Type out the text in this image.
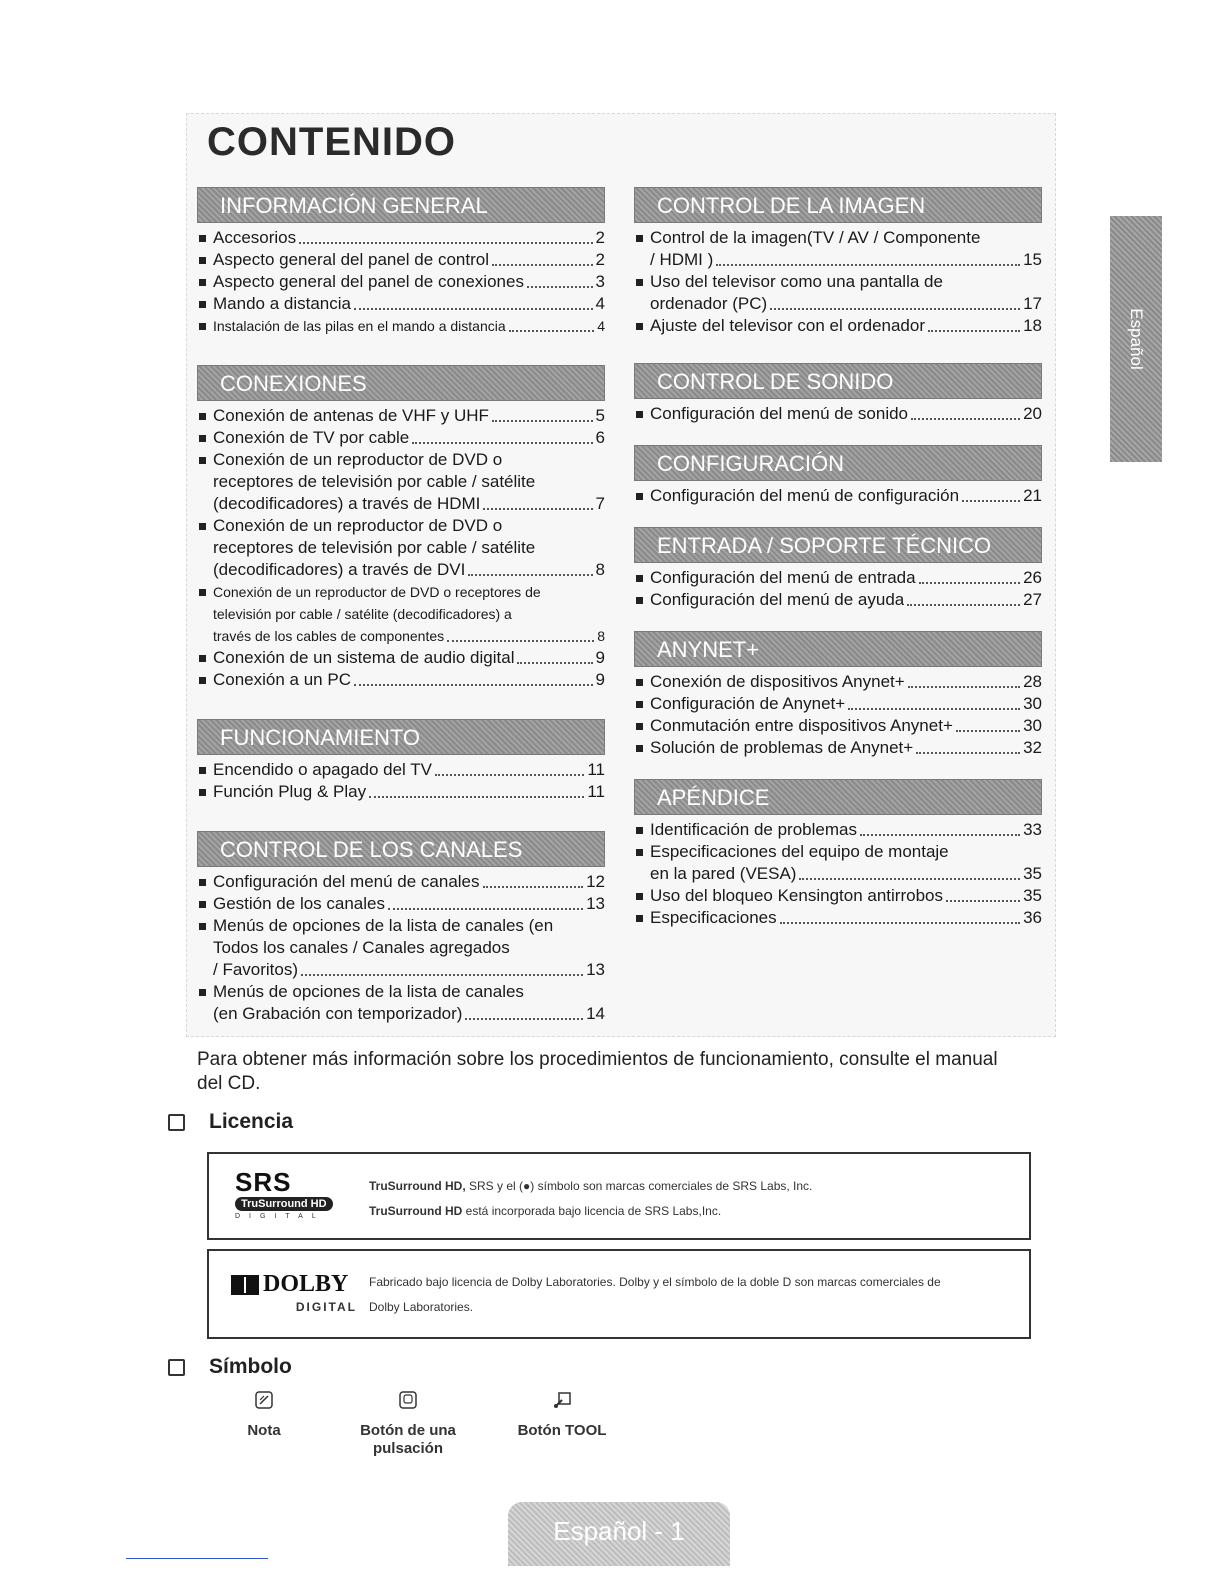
CONTENIDO
INFORMACIÓN GENERAL
Accesorios	2
Aspecto general del panel de control	2
Aspecto general del panel de conexiones	3
Mando a distancia	4
Instalación de las pilas en el mando a distancia	4
CONEXIONES
Conexión de antenas de VHF y UHF	5
Conexión de TV por cable	6
Conexión de un reproductor de DVD o
receptores de televisión por cable / satélite
(decodificadores) a través de HDMI	7
Conexión de un reproductor de DVD o
receptores de televisión por cable / satélite
(decodificadores) a través de DVI	8
Conexión de un reproductor de DVD o receptores de
televisión por cable / satélite (decodificadores) a
través de los cables de componentes	8
Conexión de un sistema de audio digital	9
Conexión a un PC	9
FUNCIONAMIENTO
Encendido o apagado del TV	11
Función Plug & Play	11
CONTROL DE LOS CANALES
Configuración del menú de canales	12
Gestión de los canales	13
Menús de opciones de la lista de canales (en
Todos los canales / Canales agregados
/ Favoritos)	13
Menús de opciones de la lista de canales
(en Grabación con temporizador)	14
CONTROL DE LA IMAGEN
Control de la imagen(TV / AV / Componente
/ HDMI )	15
Uso del televisor como una pantalla de
ordenador (PC)	17
Ajuste del televisor con el ordenador	18
CONTROL DE SONIDO
Configuración del menú de sonido	20
CONFIGURACIÓN
Configuración del menú de configuración	21
ENTRADA / SOPORTE TÉCNICO
Configuración del menú de entrada	26
Configuración del menú de ayuda	27
ANYNET+
Conexión de dispositivos Anynet+	28
Configuración de Anynet+	30
Conmutación entre dispositivos Anynet+	30
Solución de problemas de Anynet+	32
APÉNDICE
Identificación de problemas	33
Especificaciones del equipo de montaje
en la pared (VESA)	35
Uso del bloqueo Kensington antirrobos	35
Especificaciones	36
Español
Para obtener más información sobre los procedimientos de funcionamiento, consulte el manual del CD.
Licencia
SRS
TruSurround HD
DIGITAL
TruSurround HD, SRS y el (●) símbolo son marcas comerciales de SRS Labs, Inc.
TruSurround HD está incorporada bajo licencia de SRS Labs,Inc.
DOLBY
DIGITAL
Fabricado bajo licencia de Dolby Laboratories. Dolby y el símbolo de la doble D son marcas comerciales de
Dolby Laboratories.
Símbolo
Nota	Botón de una
pulsación
Botón TOOL
Español - 1
